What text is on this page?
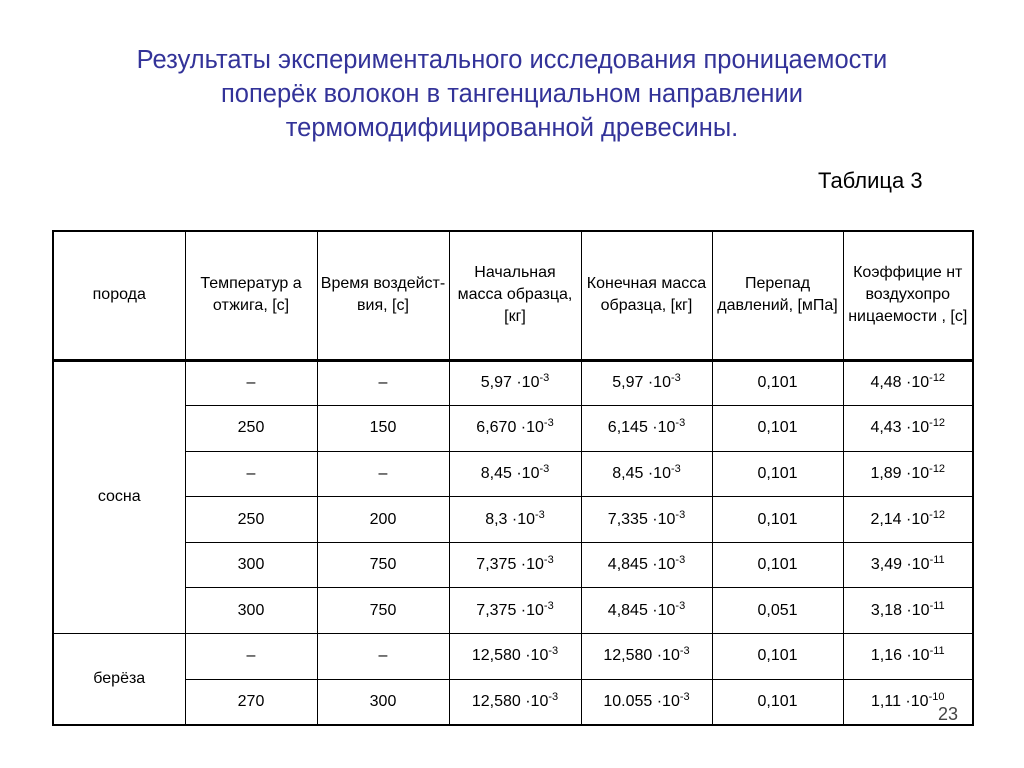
Результаты экспериментального исследования проницаемости
поперёк волокон в тангенциальном направлении
термомодифицированной древесины.
Таблица 3
порода	Температур а отжига, [с]	Время воздейст-вия, [с]	Начальная масса образца, [кг]	Конечная масса образца, [кг]	Перепад давлений, [мПа]	Коэффицие нт воздухопро ницаемости , [с]
сосна	–	–	$5,97 \cdot 10^{-3}$	$5,97 \cdot 10^{-3}$	0,101	$4,48 \cdot 10^{-12}$
	250	150	$6,670 \cdot 10^{-3}$	$6,145 \cdot 10^{-3}$	0,101	$4,43 \cdot 10^{-12}$
	–	–	$8,45 \cdot 10^{-3}$	$8,45 \cdot 10^{-3}$	0,101	$1,89 \cdot 10^{-12}$
	250	200	$8,3 \cdot 10^{-3}$	$7,335 \cdot 10^{-3}$	0,101	$2,14 \cdot 10^{-12}$
	300	750	$7,375 \cdot 10^{-3}$	$4,845 \cdot 10^{-3}$	0,101	$3,49 \cdot 10^{-11}$
	300	750	$7,375 \cdot 10^{-3}$	$4,845 \cdot 10^{-3}$	0,051	$3,18 \cdot 10^{-11}$
берёза	–	–	$12,580 \cdot 10^{-3}$	$12,580 \cdot 10^{-3}$	0,101	$1,16 \cdot 10^{-11}$
	270	300	$12,580 \cdot 10^{-3}$	$10.055 \cdot 10^{-3}$	0,101	$1,11 \cdot 10^{-10}$
23
